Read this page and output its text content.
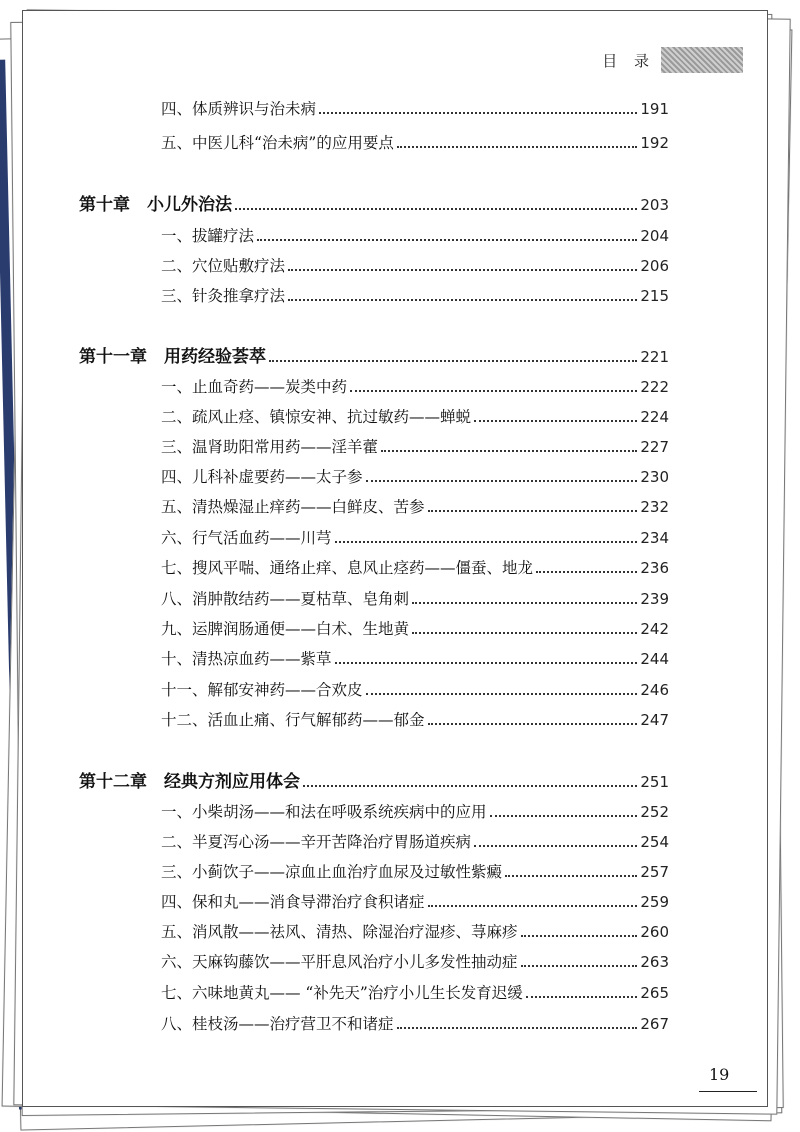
目 录
四、体质辨识与治未病	191
五、中医儿科“治未病”的应用要点	192
第十章　小儿外治法	203
一、拔罐疗法	204
二、穴位贴敷疗法	206
三、针灸推拿疗法	215
第十一章　用药经验荟萃	221
一、止血奇药——炭类中药	222
二、疏风止痉、镇惊安神、抗过敏药——蝉蜕	224
三、温肾助阳常用药——淫羊藿	227
四、儿科补虚要药——太子参	230
五、清热燥湿止痒药——白鲜皮、苦参	232
六、行气活血药——川芎	234
七、搜风平喘、通络止痒、息风止痉药——僵蚕、地龙	236
八、消肿散结药——夏枯草、皂角刺	239
九、运脾润肠通便——白术、生地黄	242
十、清热凉血药——紫草	244
十一、解郁安神药——合欢皮	246
十二、活血止痛、行气解郁药——郁金	247
第十二章　经典方剂应用体会	251
一、小柴胡汤——和法在呼吸系统疾病中的应用	252
二、半夏泻心汤——辛开苦降治疗胃肠道疾病	254
三、小蓟饮子——凉血止血治疗血尿及过敏性紫癜	257
四、保和丸——消食导滞治疗食积诸症	259
五、消风散——祛风、清热、除湿治疗湿疹、荨麻疹	260
六、天麻钩藤饮——平肝息风治疗小儿多发性抽动症	263
七、六味地黄丸—— “补先天”治疗小儿生长发育迟缓	265
八、桂枝汤——治疗营卫不和诸症	267
19
